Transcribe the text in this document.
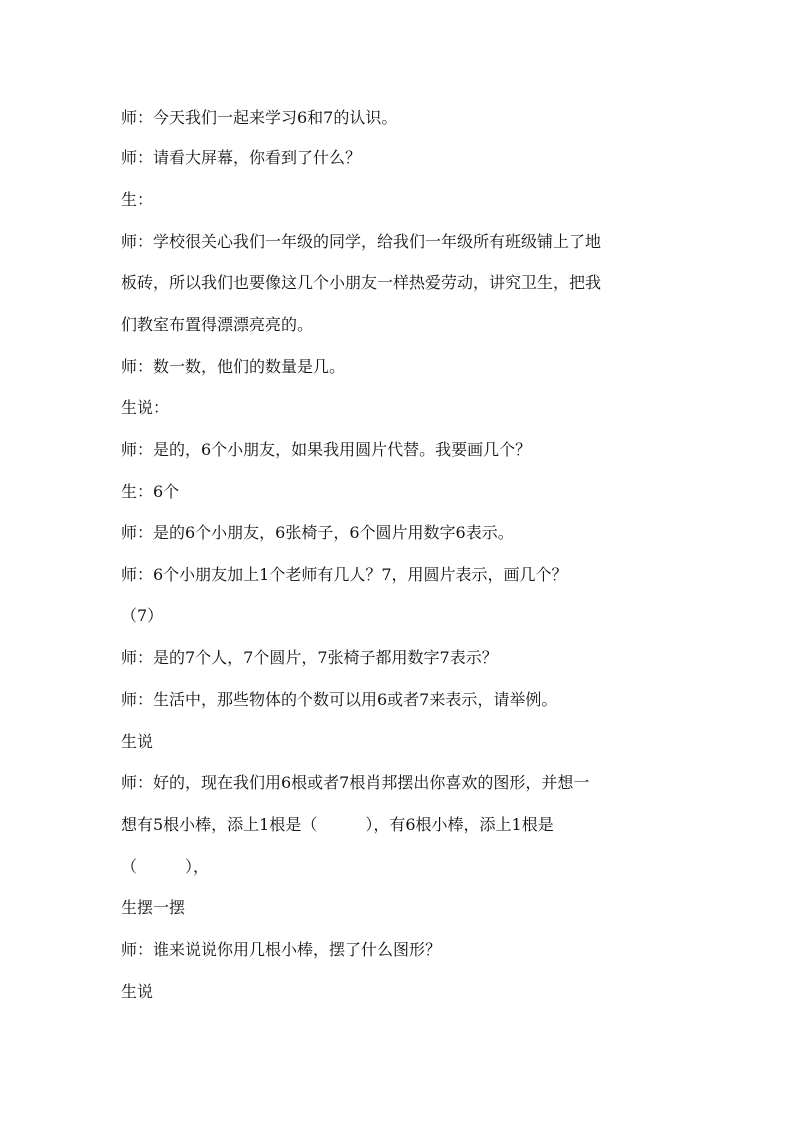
师：今天我们一起来学习6和7的认识。

师：请看大屏幕，你看到了什么？

生：

师：学校很关心我们一年级的同学，给我们一年级所有班级铺上了地

板砖，所以我们也要像这几个小朋友一样热爱劳动，讲究卫生，把我

们教室布置得漂漂亮亮的。

师：数一数，他们的数量是几。

生说：

师：是的，6个小朋友，如果我用圆片代替。我要画几个？

生：6个

师：是的6个小朋友，6张椅子，6个圆片用数字6表示。

师：6个小朋友加上1个老师有几人？7，用圆片表示，画几个？

（7）

师：是的7个人，7个圆片，7张椅子都用数字7表示？

师：生活中，那些物体的个数可以用6或者7来表示，请举例。

生说

师：好的，现在我们用6根或者7根肖邦摆出你喜欢的图形，并想一

想有5根小棒，添上1根是（　　　），有6根小棒，添上1根是

（　　　），

生摆一摆

师：谁来说说你用几根小棒，摆了什么图形？

生说
